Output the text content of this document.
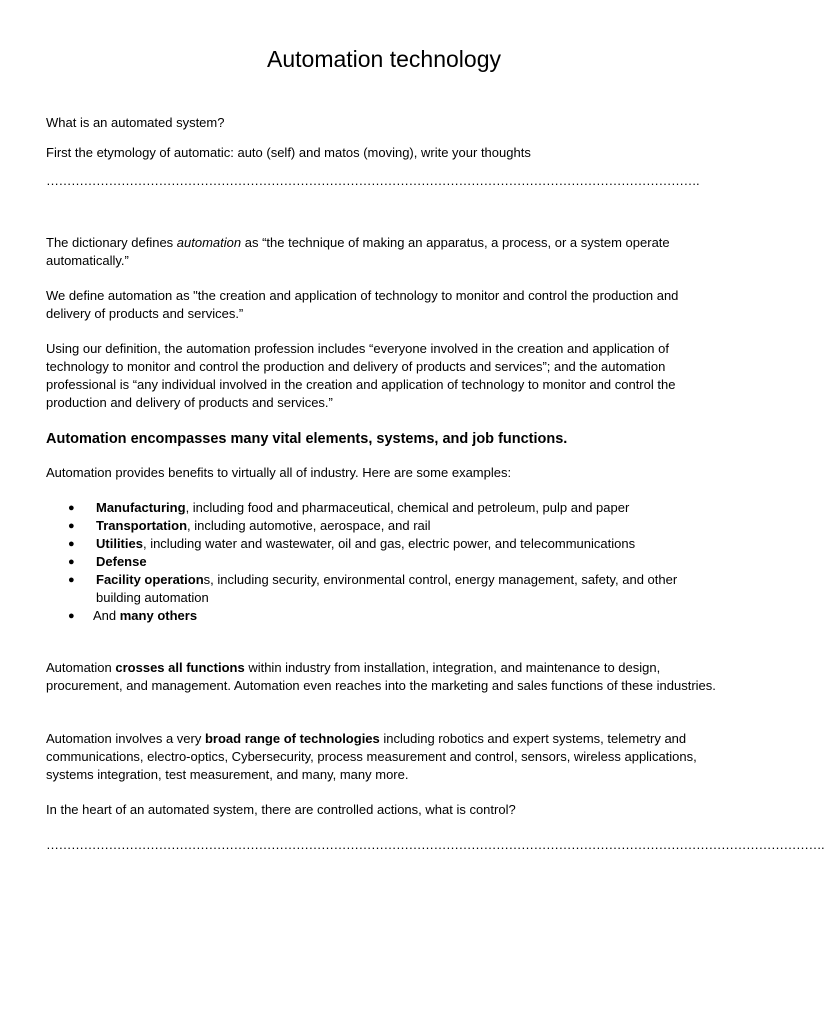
Automation technology
What is an automated system?
First the etymology of automatic: auto (self) and matos (moving), write your thoughts
………………………………………………………………………………………………………………………………………….
The dictionary defines automation as “the technique of making an apparatus, a process, or a system operate automatically.”
We define automation as "the creation and application of technology to monitor and control the production and delivery of products and services.”
Using our definition, the automation profession includes “everyone involved in the creation and application of technology to monitor and control the production and delivery of products and services”; and the automation professional is “any individual involved in the creation and application of technology to monitor and control the production and delivery of products and services.”
Automation encompasses many vital elements, systems, and job functions.
Automation provides benefits to virtually all of industry. Here are some examples:
● Manufacturing, including food and pharmaceutical, chemical and petroleum, pulp and paper
● Transportation, including automotive, aerospace, and rail
● Utilities, including water and wastewater, oil and gas, electric power, and telecommunications
● Defense
● Facility operations, including security, environmental control, energy management, safety, and other building automation
● And many others
Automation crosses all functions within industry from installation, integration, and maintenance to design, procurement, and management. Automation even reaches into the marketing and sales functions of these industries.
Automation involves a very broad range of technologies including robotics and expert systems, telemetry and communications, electro-optics, Cybersecurity, process measurement and control, sensors, wireless applications, systems integration, test measurement, and many, many more.
In the heart of an automated system, there are controlled actions, what is control?
…………………………………………………………………………………………………………………………………………………………………….
